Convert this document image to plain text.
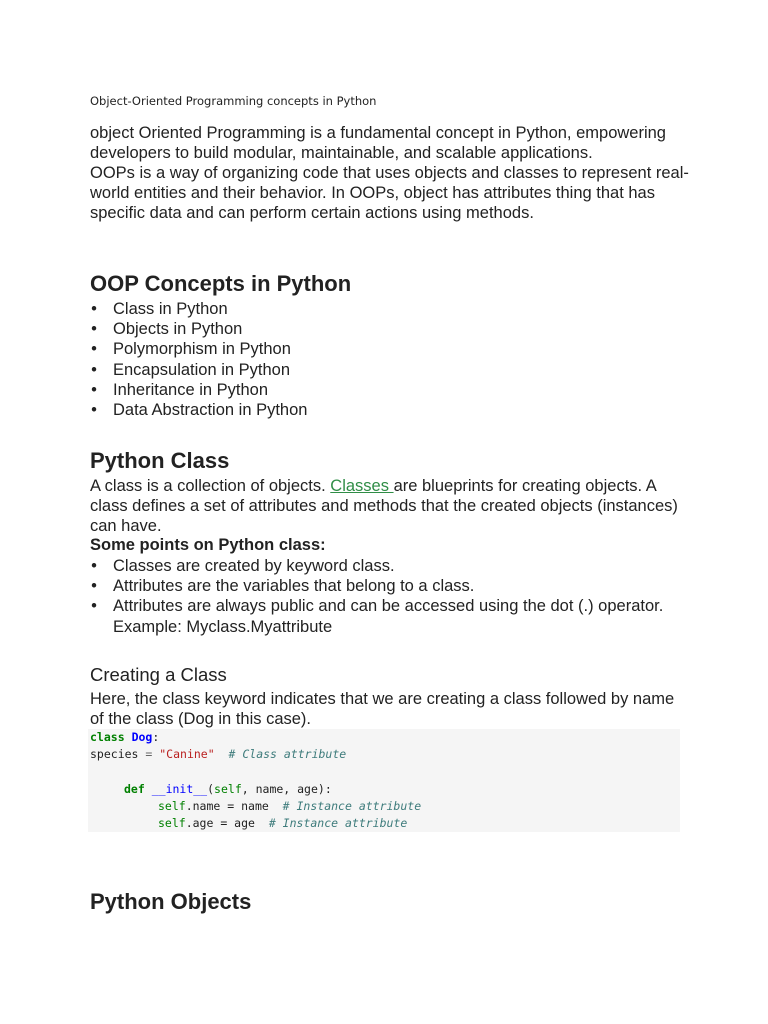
Object-Oriented Programming concepts in Python

object Oriented Programming is a fundamental concept in Python, empowering developers to build modular, maintainable, and scalable applications.

OOPs is a way of organizing code that uses objects and classes to represent real-world entities and their behavior. In OOPs, object has attributes thing that has specific data and can perform certain actions using methods.

OOP Concepts in Python
• Class in Python
• Objects in Python
• Polymorphism in Python
• Encapsulation in Python
• Inheritance in Python
• Data Abstraction in Python
Python Class

A class is a collection of objects. Classes are blueprints for creating objects. A class defines a set of attributes and methods that the created objects (instances) can have.

Some points on Python class:
• Classes are created by keyword class.
• Attributes are the variables that belong to a class.
• Attributes are always public and can be accessed using the dot (.) operator. Example: Myclass.Myattribute
Creating a Class

Here, the class keyword indicates that we are creating a class followed by name of the class (Dog in this case).

class Dog:
species = "Canine" # Class attribute
def __init__(self, name, age):
self.name = name # Instance attribute
self.age = age # Instance attribute
Python Objects
